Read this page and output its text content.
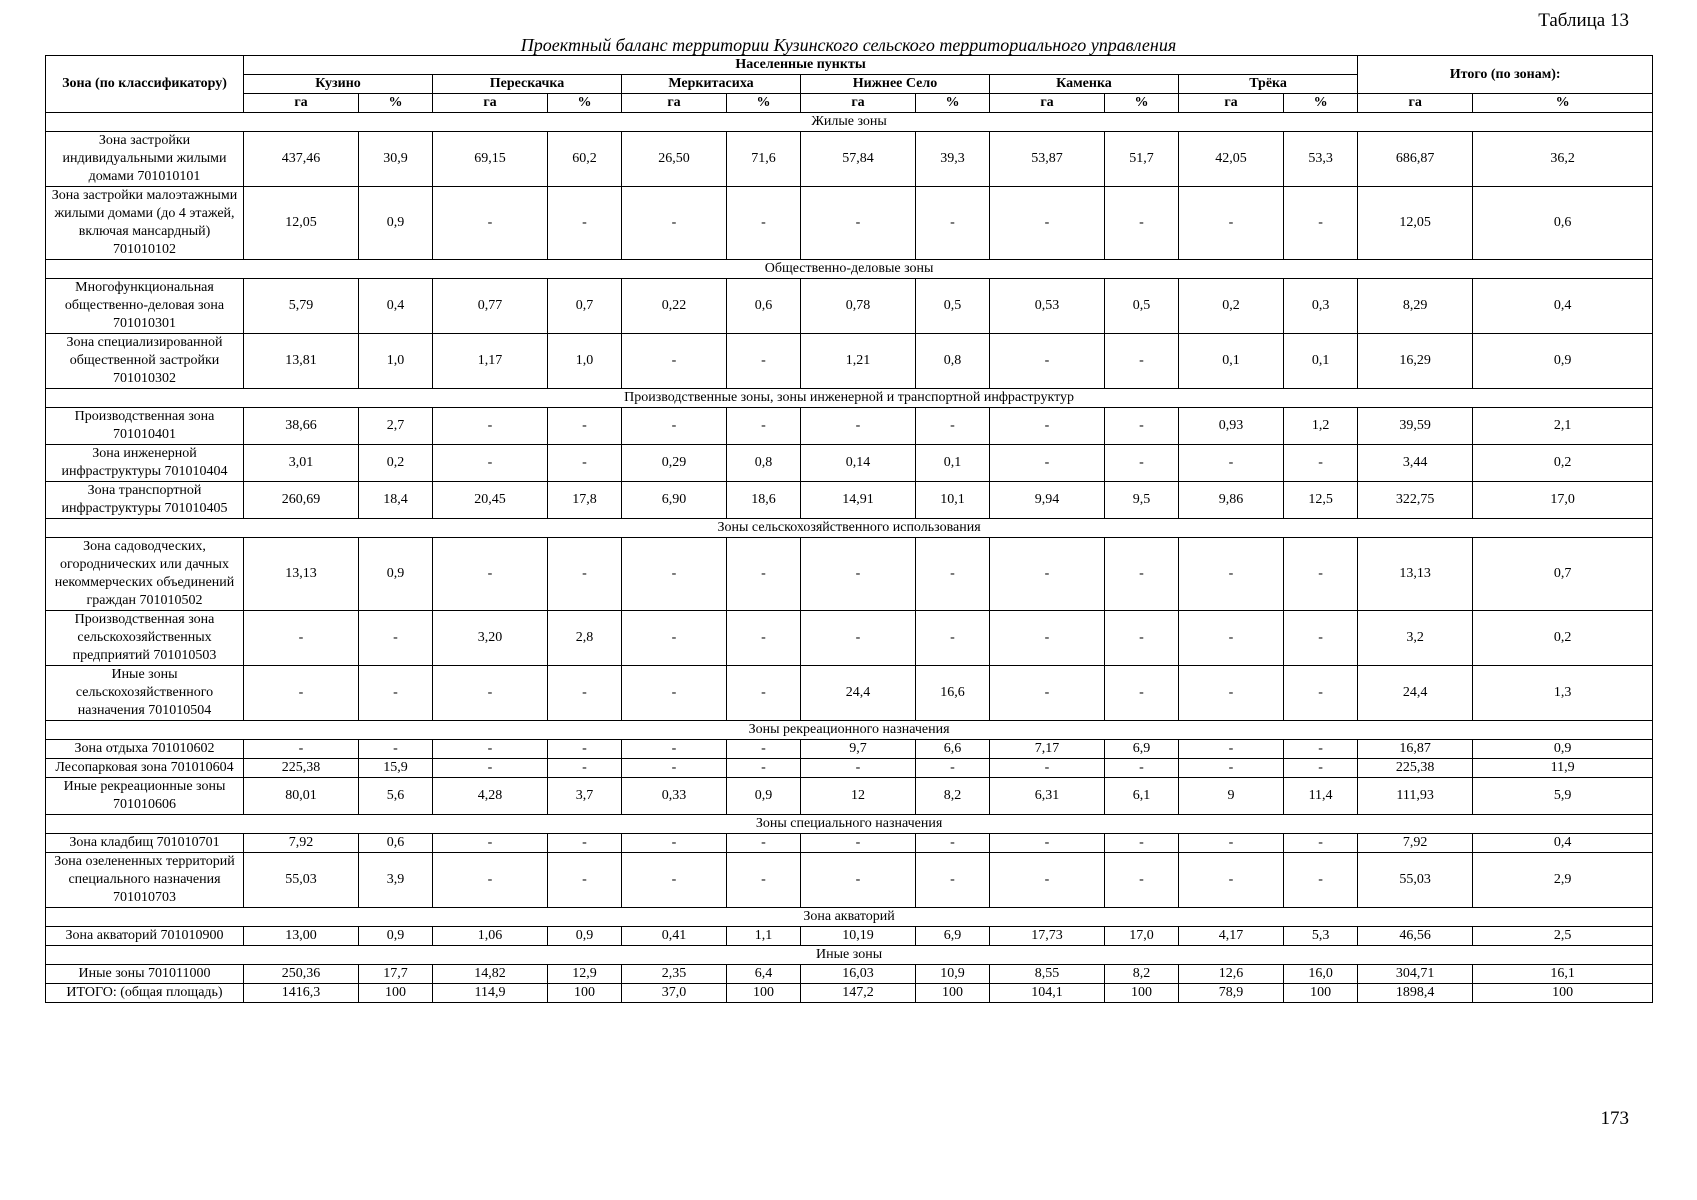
Таблица 13
Проектный баланс территории Кузинского сельского территориального управления
Зона (по классификатору)	Населенные пункты												Итого (по зонам):	
	Кузино		Перескачка		Меркитасиха		Нижнее Село		Каменка		Трёка			
	га	%	га	%	га	%	га	%	га	%	га	%	га	%
Жилые зоны														
Зона застройки индивидуальными жилыми домами 701010101	437,46	30,9	69,15	60,2	26,50	71,6	57,84	39,3	53,87	51,7	42,05	53,3	686,87	36,2
Зона застройки малоэтажными жилыми домами (до 4 этажей, включая мансардный) 701010102	12,05	0,9	-	-	-	-	-	-	-	-	-	-	12,05	0,6
Общественно-деловые зоны														
Многофункциональная общественно-деловая зона 701010301	5,79	0,4	0,77	0,7	0,22	0,6	0,78	0,5	0,53	0,5	0,2	0,3	8,29	0,4
Зона специализированной общественной застройки 701010302	13,81	1,0	1,17	1,0	-	-	1,21	0,8	-	-	0,1	0,1	16,29	0,9
Производственные зоны, зоны инженерной и транспортной инфраструктур														
Производственная зона 701010401	38,66	2,7	-	-	-	-	-	-	-	-	0,93	1,2	39,59	2,1
Зона инженерной инфраструктуры 701010404	3,01	0,2	-	-	0,29	0,8	0,14	0,1	-	-	-	-	3,44	0,2
Зона транспортной инфраструктуры 701010405	260,69	18,4	20,45	17,8	6,90	18,6	14,91	10,1	9,94	9,5	9,86	12,5	322,75	17,0
Зоны сельскохозяйственного использования														
Зона садоводческих, огороднических или дачных некоммерческих объединений граждан 701010502	13,13	0,9	-	-	-	-	-	-	-	-	-	-	13,13	0,7
Производственная зона сельскохозяйственных предприятий 701010503	-	-	3,20	2,8	-	-	-	-	-	-	-	-	3,2	0,2
Иные зоны сельскохозяйственного назначения 701010504	-	-	-	-	-	-	24,4	16,6	-	-	-	-	24,4	1,3
Зоны рекреационного назначения														
Зона отдыха 701010602	-	-	-	-	-	-	9,7	6,6	7,17	6,9	-	-	16,87	0,9
Лесопарковая зона 701010604	225,38	15,9	-	-	-	-	-	-	-	-	-	-	225,38	11,9
Иные рекреационные зоны 701010606	80,01	5,6	4,28	3,7	0,33	0,9	12	8,2	6,31	6,1	9	11,4	111,93	5,9
Зоны специального назначения														
Зона кладбищ 701010701	7,92	0,6	-	-	-	-	-	-	-	-	-	-	7,92	0,4
Зона озелененных территорий специального назначения 701010703	55,03	3,9	-	-	-	-	-	-	-	-	-	-	55,03	2,9
Зона акваторий														
Зона акваторий 701010900	13,00	0,9	1,06	0,9	0,41	1,1	10,19	6,9	17,73	17,0	4,17	5,3	46,56	2,5
Иные зоны														
Иные зоны 701011000	250,36	17,7	14,82	12,9	2,35	6,4	16,03	10,9	8,55	8,2	12,6	16,0	304,71	16,1
ИТОГО: (общая площадь)	1416,3	100	114,9	100	37,0	100	147,2	100	104,1	100	78,9	100	1898,4	100
173
